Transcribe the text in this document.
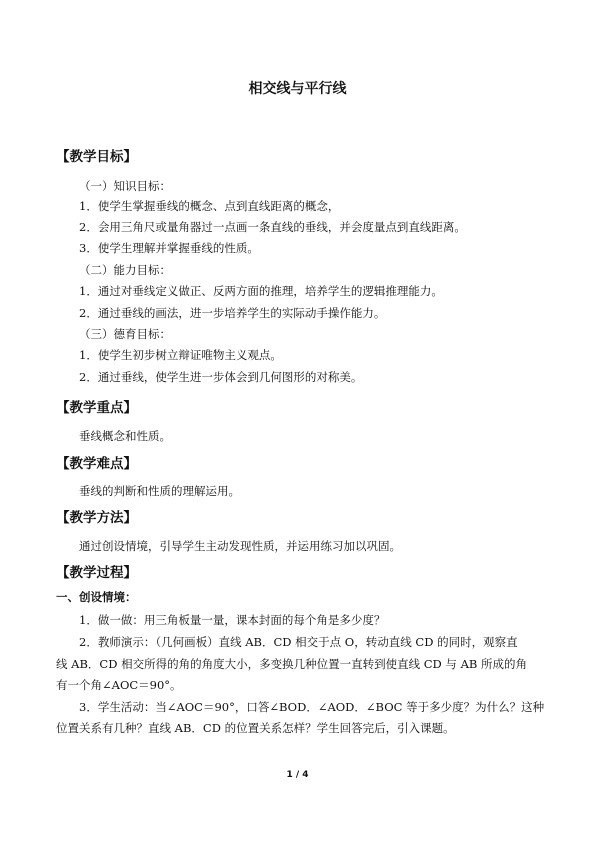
相交线与平行线
【教学目标】
（一）知识目标：
1．使学生掌握垂线的概念、点到直线距离的概念，
2．会用三角尺或量角器过一点画一条直线的垂线，并会度量点到直线距离。
3．使学生理解并掌握垂线的性质。
（二）能力目标：
1．通过对垂线定义做正、反两方面的推理，培养学生的逻辑推理能力。
2．通过垂线的画法，进一步培养学生的实际动手操作能力。
（三）德育目标：
1．使学生初步树立辩证唯物主义观点。
2．通过垂线，使学生进一步体会到几何图形的对称美。
【教学重点】
垂线概念和性质。
【教学难点】
垂线的判断和性质的理解运用。
【教学方法】
通过创设情境，引导学生主动发现性质，并运用练习加以巩固。
【教学过程】
一、创设情境：
1．做一做：用三角板量一量，课本封面的每个角是多少度？
2．教师演示：（几何画板）直线 AB．CD 相交于点 O，转动直线 CD 的同时，观察直
线 AB．CD 相交所得的角的角度大小，多变换几种位置一直转到使直线 CD 与 AB 所成的角
有一个角∠AOC＝90°。
3．学生活动：当∠AOC＝90°，口答∠BOD．∠AOD．∠BOC 等于多少度？为什么？这种
位置关系有几种？直线 AB．CD 的位置关系怎样？学生回答完后，引入课题。
1 / 4
